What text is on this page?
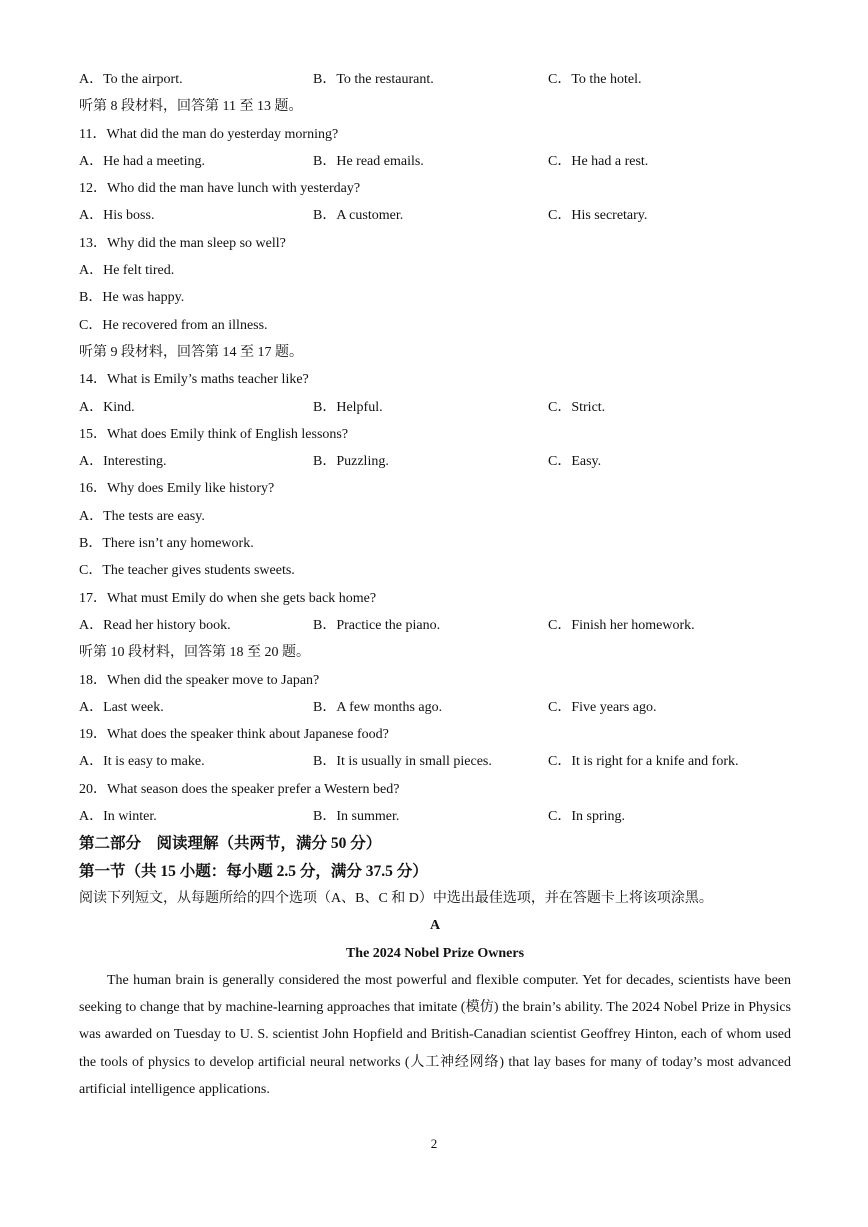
A．To the airport.	B．To the restaurant.	C．To the hotel.
听第 8 段材料，回答第 11 至 13 题。
11．What did the man do yesterday morning?
A．He had a meeting.	B．He read emails.	C．He had a rest.
12．Who did the man have lunch with yesterday?
A．His boss.	B．A customer.	C．His secretary.
13．Why did the man sleep so well?
A．He felt tired.
B．He was happy.
C．He recovered from an illness.
听第 9 段材料，回答第 14 至 17 题。
14．What is Emily’s maths teacher like?
A．Kind.	B．Helpful.	C．Strict.
15．What does Emily think of English lessons?
A．Interesting.	B．Puzzling.	C．Easy.
16．Why does Emily like history?
A．The tests are easy.
B．There isn’t any homework.
C．The teacher gives students sweets.
17．What must Emily do when she gets back home?
A．Read her history book.	B．Practice the piano.	C．Finish her homework.
听第 10 段材料，回答第 18 至 20 题。
18．When did the speaker move to Japan?
A．Last week.	B．A few months ago.	C．Five years ago.
19．What does the speaker think about Japanese food?
A．It is easy to make.	B．It is usually in small pieces.	C．It is right for a knife and fork.
20．What season does the speaker prefer a Western bed?
A．In winter.	B．In summer.	C．In spring.
第二部分　阅读理解（共两节，满分 50 分）
第一节（共 15 小题：每小题 2.5 分，满分 37.5 分）
阅读下列短文，从每题所给的四个选项（A、B、C 和 D）中选出最佳选项，并在答题卡上将该项涂黑。
A
The 2024 Nobel Prize Owners

The human brain is generally considered the most powerful and flexible computer. Yet for decades, scientists have been seeking to change that by machine-learning approaches that imitate (模仿) the brain’s ability. The 2024 Nobel Prize in Physics was awarded on Tuesday to U. S. scientist John Hopfield and British-Canadian scientist Geoffrey Hinton, each of whom used the tools of physics to develop artificial neural networks (人工神经网络) that lay bases for many of today’s most advanced artificial intelligence applications.

2
